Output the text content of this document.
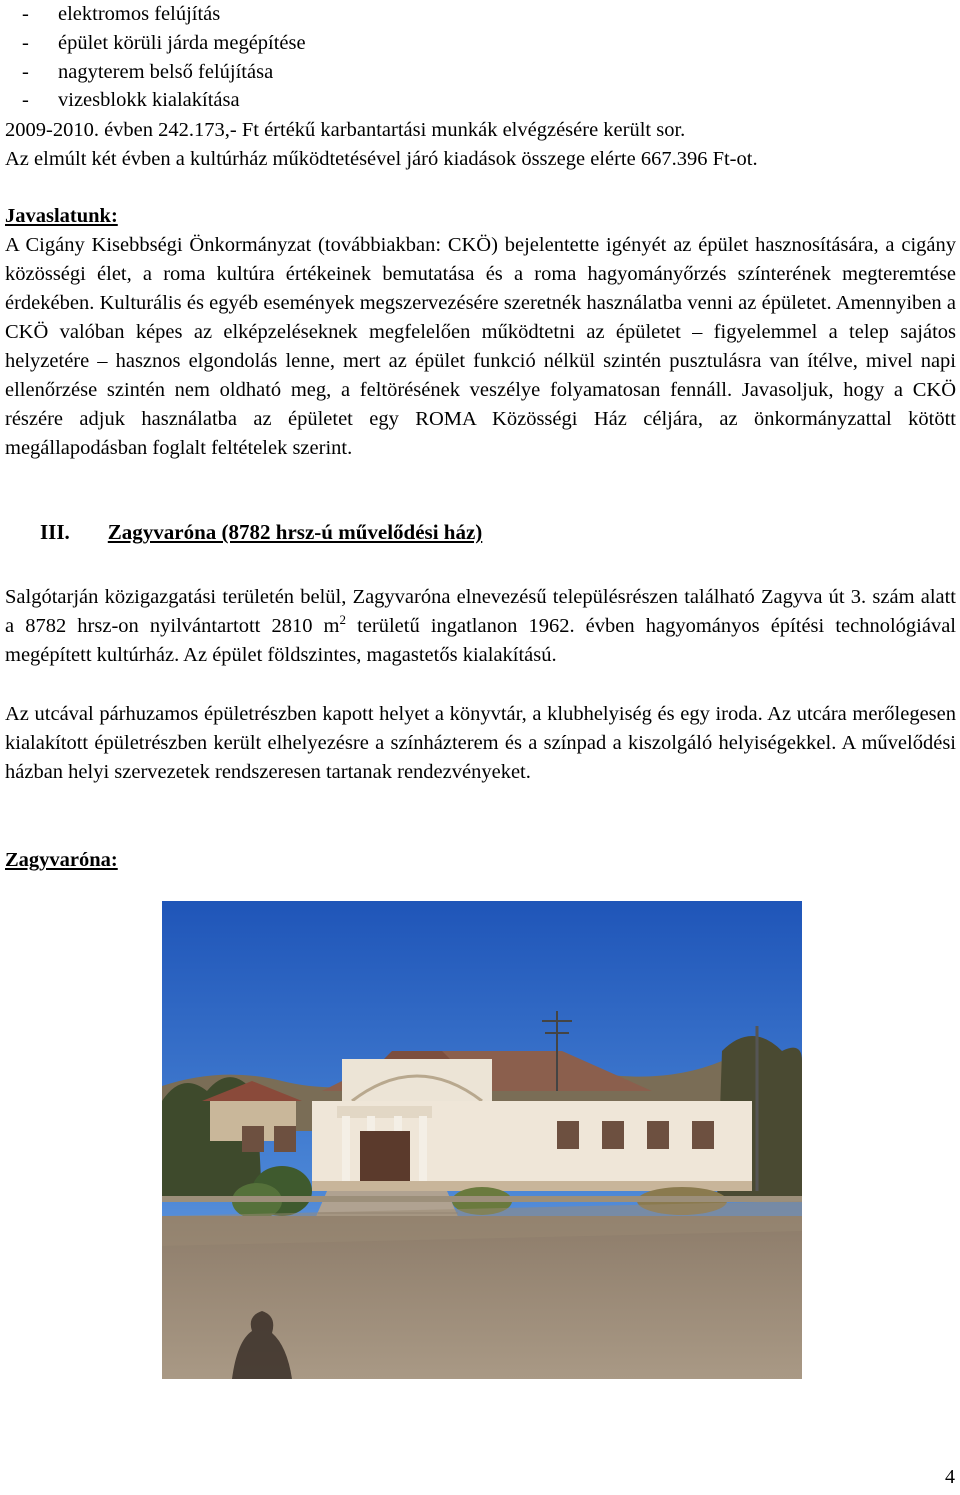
-	elektromos felújítás
-	épület körüli járda megépítése
-	nagyterem belső felújítása
-	vizesblokk kialakítása
2009-2010. évben 242.173,- Ft értékű karbantartási munkák elvégzésére került sor.
Az elmúlt két évben a kultúrház működtetésével járó kiadások összege elérte 667.396 Ft-ot.
Javaslatunk:
A Cigány Kisebbségi Önkormányzat (továbbiakban: CKÖ) bejelentette igényét az épület hasznosítására, a cigány közösségi élet, a roma kultúra értékeinek bemutatása és a roma hagyományőrzés színterének megteremtése érdekében. Kulturális és egyéb események megszervezésére szeretnék használatba venni az épületet. Amennyiben a CKÖ valóban képes az elképzeléseknek megfelelően működtetni az épületet – figyelemmel a telep sajátos helyzetére – hasznos elgondolás lenne, mert az épület funkció nélkül szintén pusztulásra van ítélve, mivel napi ellenőrzése szintén nem oldható meg, a feltörésének veszélye folyamatosan fennáll. Javasoljuk, hogy a CKÖ részére adjuk használatba az épületet egy ROMA Közösségi Ház céljára, az önkormányzattal kötött megállapodásban foglalt feltételek szerint.
III. Zagyvaróna (8782 hrsz-ú művelődési ház)
Salgótarján közigazgatási területén belül, Zagyvaróna elnevezésű településrészen található Zagyva út 3. szám alatt a 8782 hrsz-on nyilvántartott 2810 $m^2$ területű ingatlanon 1962. évben hagyományos építési technológiával megépített kultúrház. Az épület földszintes, magastetős kialakítású.
Az utcával párhuzamos épületrészben kapott helyet a könyvtár, a klubhelyiség és egy iroda. Az utcára merőlegesen kialakított épületrészben került elhelyezésre a színházterem és a színpad a kiszolgáló helyiségekkel. A művelődési házban helyi szervezetek rendszeresen tartanak rendezvényeket.
Zagyvaróna:
4
